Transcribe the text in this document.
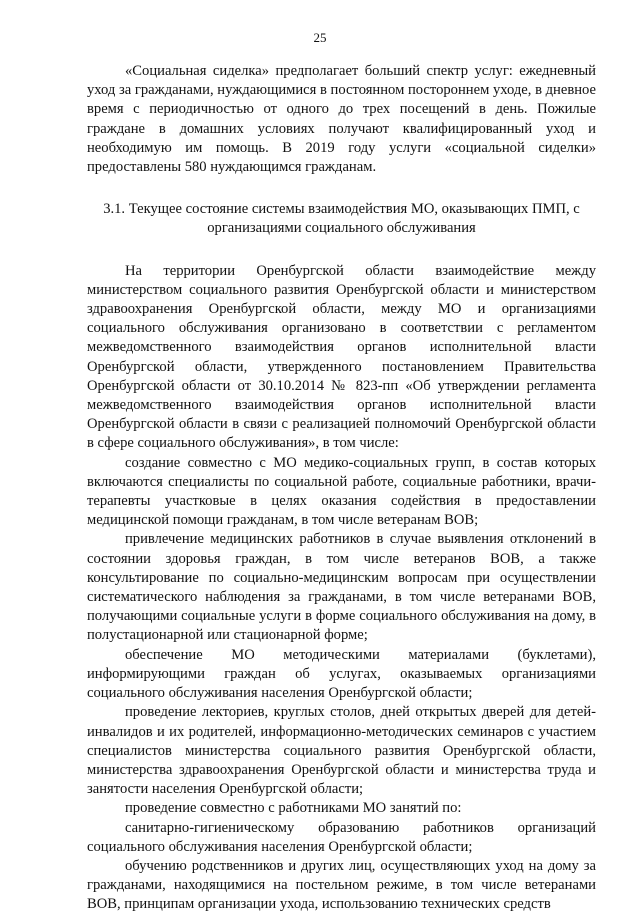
25

«Социальная сиделка» предполагает больший спектр услуг: ежедневный уход за гражданами, нуждающимися в постоянном постороннем уходе, в дневное время с периодичностью от одного до трех посещений в день. Пожилые граждане в домашних условиях получают квалифицированный уход и необходимую им помощь. В 2019 году услуги «социальной сиделки» предоставлены 580 нуждающимся гражданам.

3.1. Текущее состояние системы взаимодействия МО, оказывающих ПМП, с организациями социального обслуживания

На территории Оренбургской области взаимодействие между министерством социального развития Оренбургской области и министерством здравоохранения Оренбургской области, между МО и организациями социального обслуживания организовано в соответствии с регламентом межведомственного взаимодействия органов исполнительной власти Оренбургской области, утвержденного постановлением Правительства Оренбургской области от 30.10.2014 № 823-пп «Об утверждении регламента межведомственного взаимодействия органов исполнительной власти Оренбургской области в связи с реализацией полномочий Оренбургской области в сфере социального обслуживания», в том числе:

создание совместно с МО медико-социальных групп, в состав которых включаются специалисты по социальной работе, социальные работники, врачи-терапевты участковые в целях оказания содействия в предоставлении медицинской помощи гражданам, в том числе ветеранам ВОВ;

привлечение медицинских работников в случае выявления отклонений в состоянии здоровья граждан, в том числе ветеранов ВОВ, а также консультирование по социально-медицинским вопросам при осуществлении систематического наблюдения за гражданами, в том числе ветеранами ВОВ, получающими социальные услуги в форме социального обслуживания на дому, в полустационарной или стационарной форме;

обеспечение МО методическими материалами (буклетами), информирующими граждан об услугах, оказываемых организациями социального обслуживания населения Оренбургской области;

проведение лекториев, круглых столов, дней открытых дверей для детей-инвалидов и их родителей, информационно-методических семинаров с участием специалистов министерства социального развития Оренбургской области, министерства здравоохранения Оренбургской области и министерства труда и занятости населения Оренбургской области;

проведение совместно с работниками МО занятий по:

санитарно-гигиеническому образованию работников организаций социального обслуживания населения Оренбургской области;

обучению родственников и других лиц, осуществляющих уход на дому за гражданами, находящимися на постельном режиме, в том числе ветеранами ВОВ, принципам организации ухода, использованию технических средств
